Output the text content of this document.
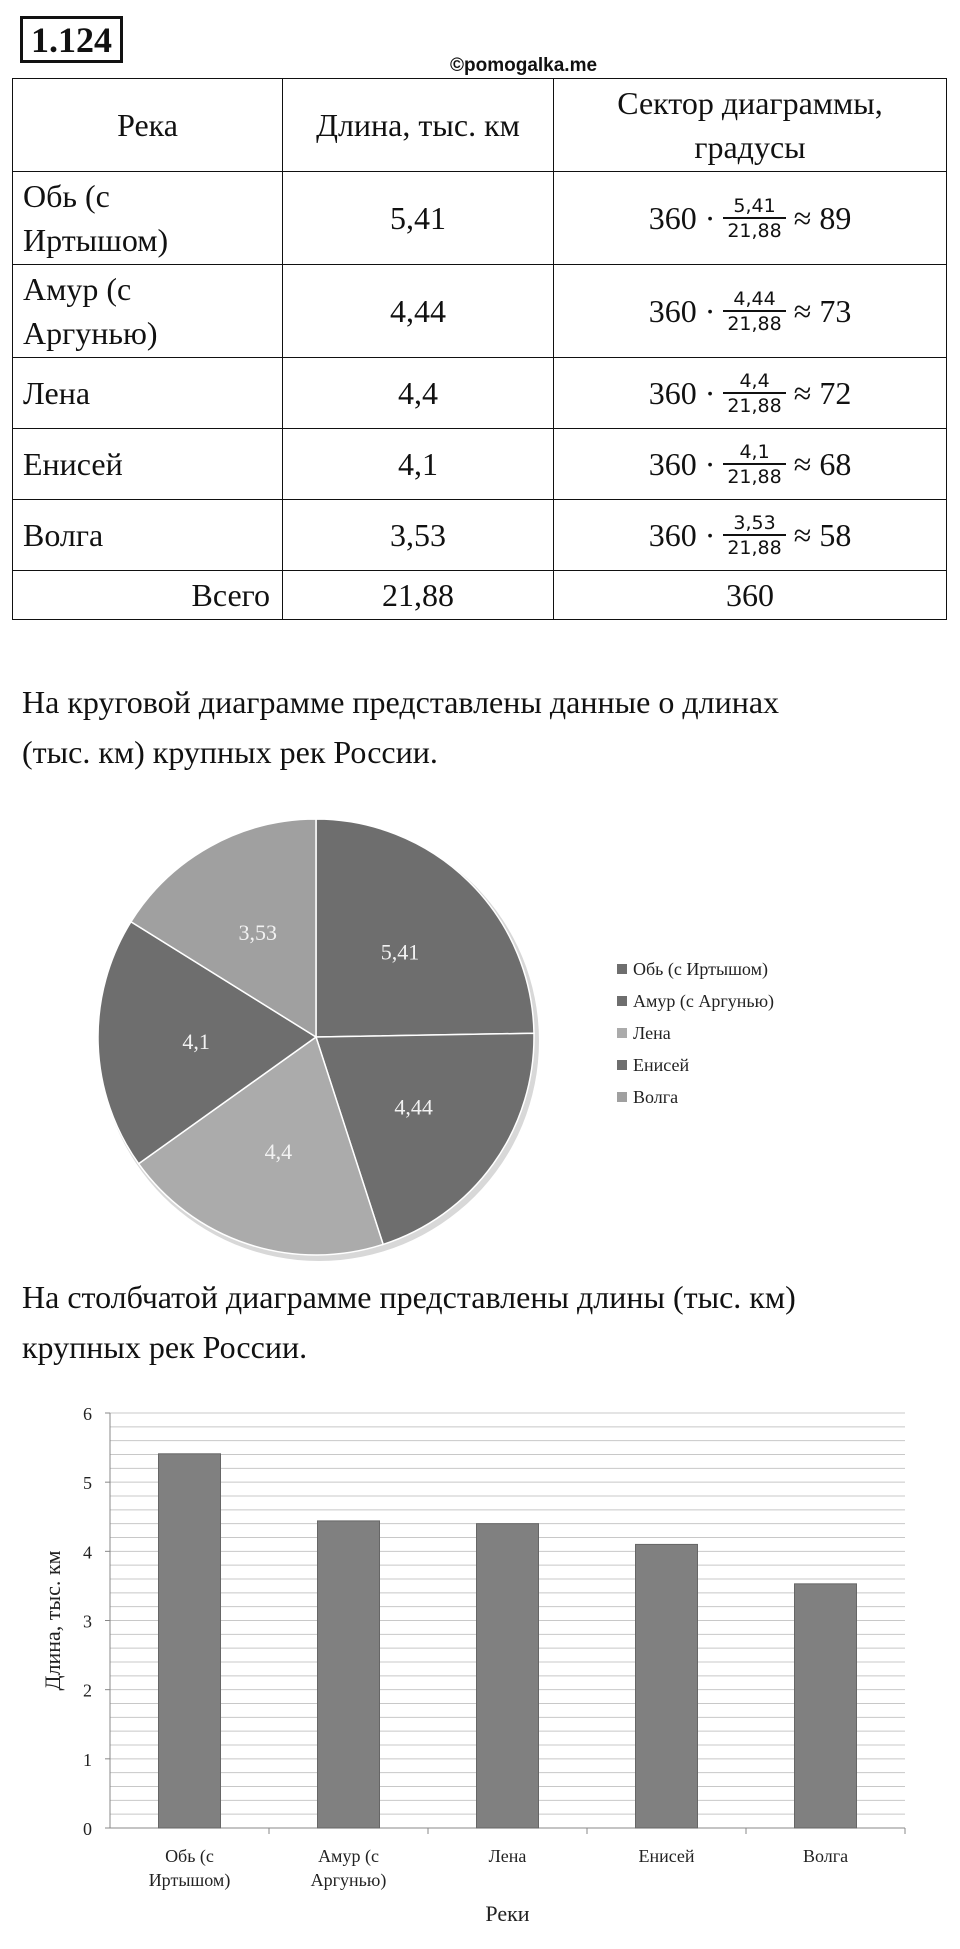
1.124
©pomogalka.me
Река	Длина, тыс. км	Сектор диаграммы, градусы
Обь (с
Иртышом)	5,41	$360 \cdot \frac{5,41}{21,88} \approx 89$

Амур (с
Аргунью)	4,44	$360 \cdot \frac{4,44}{21,88} \approx 73$

Лена	4,4	$360 \cdot \frac{4,4}{21,88} \approx 72$

Енисей	4,1	$360 \cdot \frac{4,1}{21,88} \approx 68$

Волга	3,53	$360 \cdot \frac{3,53}{21,88} \approx 58$

Всего	21,88	360
На круговой диаграмме представлены данные о длинах
(тыс. км) крупных рек России.
5,41
4,44
4,4
4,1
3,53
Обь (с Иртышом)
Амур (с Аргунью)
Лена
Енисей
Волга
На столбчатой диаграмме представлены длины (тыс. км)
крупных рек России.
0
1
2
3
4
5
6
Обь (с
Иртышом)
Амур (с
Аргунью)
Лена	Енисей	Волга
Длина, тыс. км
Реки
